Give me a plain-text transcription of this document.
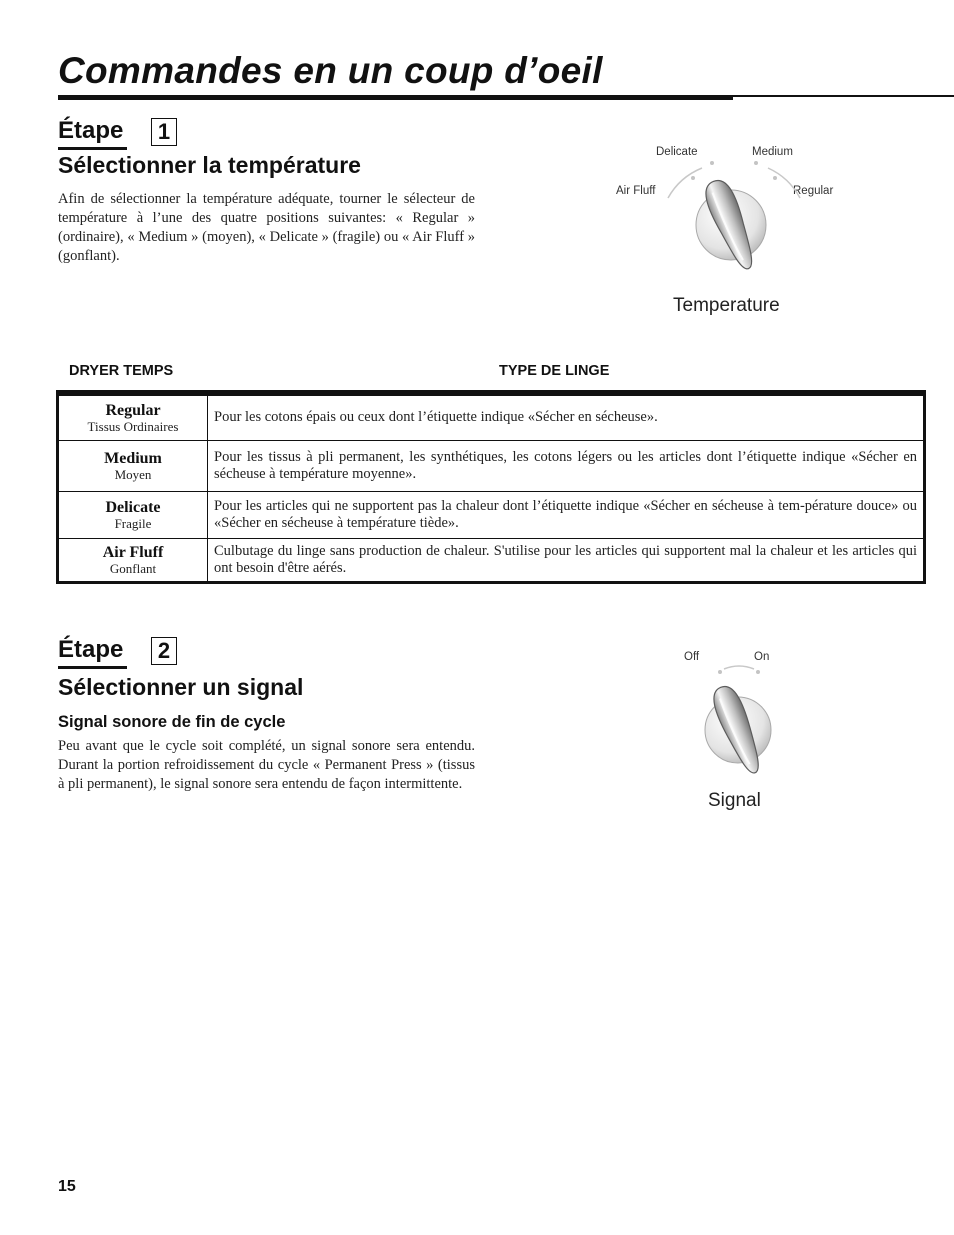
Commandes en un coup d’oeil
Étape	1
Sélectionner la température

Afin de sélectionner la température adéquate, tourner le sélecteur de température à l’une des quatre positions suivantes: « Regular » (ordinaire), « Medium » (moyen), « Delicate » (fragile) ou « Air Fluff » (gonflant).

Air Fluff
Delicate	Medium
Regular
Temperature
DRYER TEMPS	TYPE DE LINGE
Regular
Tissus Ordinaires	Pour les cotons épais ou ceux dont l’étiquette indique «Sécher en sécheuse».

Medium
Moyen	Pour les tissus à pli permanent, les synthétiques, les cotons légers ou les articles dont l’étiquette indique «Sécher en sécheuse à température moyenne».

Delicate
Fragile	Pour les articles qui ne supportent pas la chaleur dont l’étiquette indique «Sécher en sécheuse à tem-pérature douce» ou «Sécher en sécheuse à température tiède».

Air Fluff
Gonflant	Culbutage du linge sans production de chaleur. S'utilise pour les articles qui supportent mal la chaleur et les articles qui ont besoin d'être aérés.
Étape	2
Sélectionner un signal
Signal sonore de fin de cycle

Peu avant que le cycle soit complété, un signal sonore sera entendu. Durant la portion refroidissement du cycle « Permanent Press » (tissus à pli permanent), le signal sonore sera entendu de façon intermittente.

Off	On
Signal
15
